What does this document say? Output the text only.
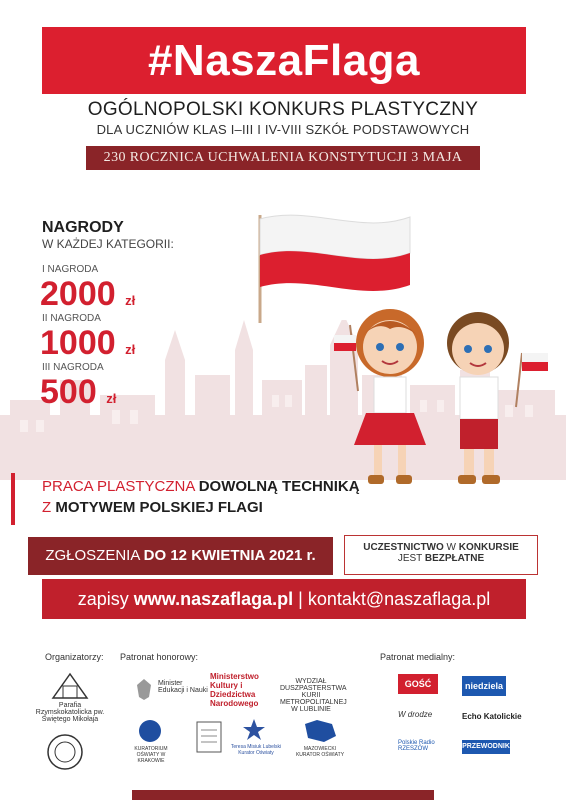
#NaszaFlaga
OGÓLNOPOLSKI KONKURS PLASTYCZNY
DLA UCZNIÓW KLAS I–III I IV-VIII SZKÓŁ PODSTAWOWYCH
230 ROCZNICA UCHWALENIA KONSTYTUCJI 3 MAJA
NAGRODY
W KAŻDEJ KATEGORII:
I NAGRODA
2000 zł
II NAGRODA
1000 zł
III NAGRODA
500 zł
PRACA PLASTYCZNA DOWOLNĄ TECHNIKĄ
Z MOTYWEM POLSKIEJ FLAGI
ZGŁOSZENIA DO 12 KWIETNIA 2021 r.	UCZESTNICTWO W KONKURSIE
JEST BEZPŁATNE
zapisy www.naszaflaga.pl | kontakt@naszaflaga.pl
Organizatorzy: Patronat honorowy:	Patronat medialny:
Parafia Rzymskokatolicka pw. Świętego Mikołaja
Minister Edukacji i Nauki
Ministerstwo Kultury i Dziedzictwa Narodowego
WYDZIAŁ DUSZPASTERSTWA KURII METROPOLITALNEJ W LUBLINIE
KURATORIUM OŚWIATY W KRAKOWIE
Teresa Misiuk Lubelski Kurator Oświaty
MAZOWIECKI KURATOR OŚWIATY
GOŚĆ NIEDZIELNY
niedziela
W drodze	Echo Katolickie
Polskie Radio RZESZÓW	PRZEWODNIK
